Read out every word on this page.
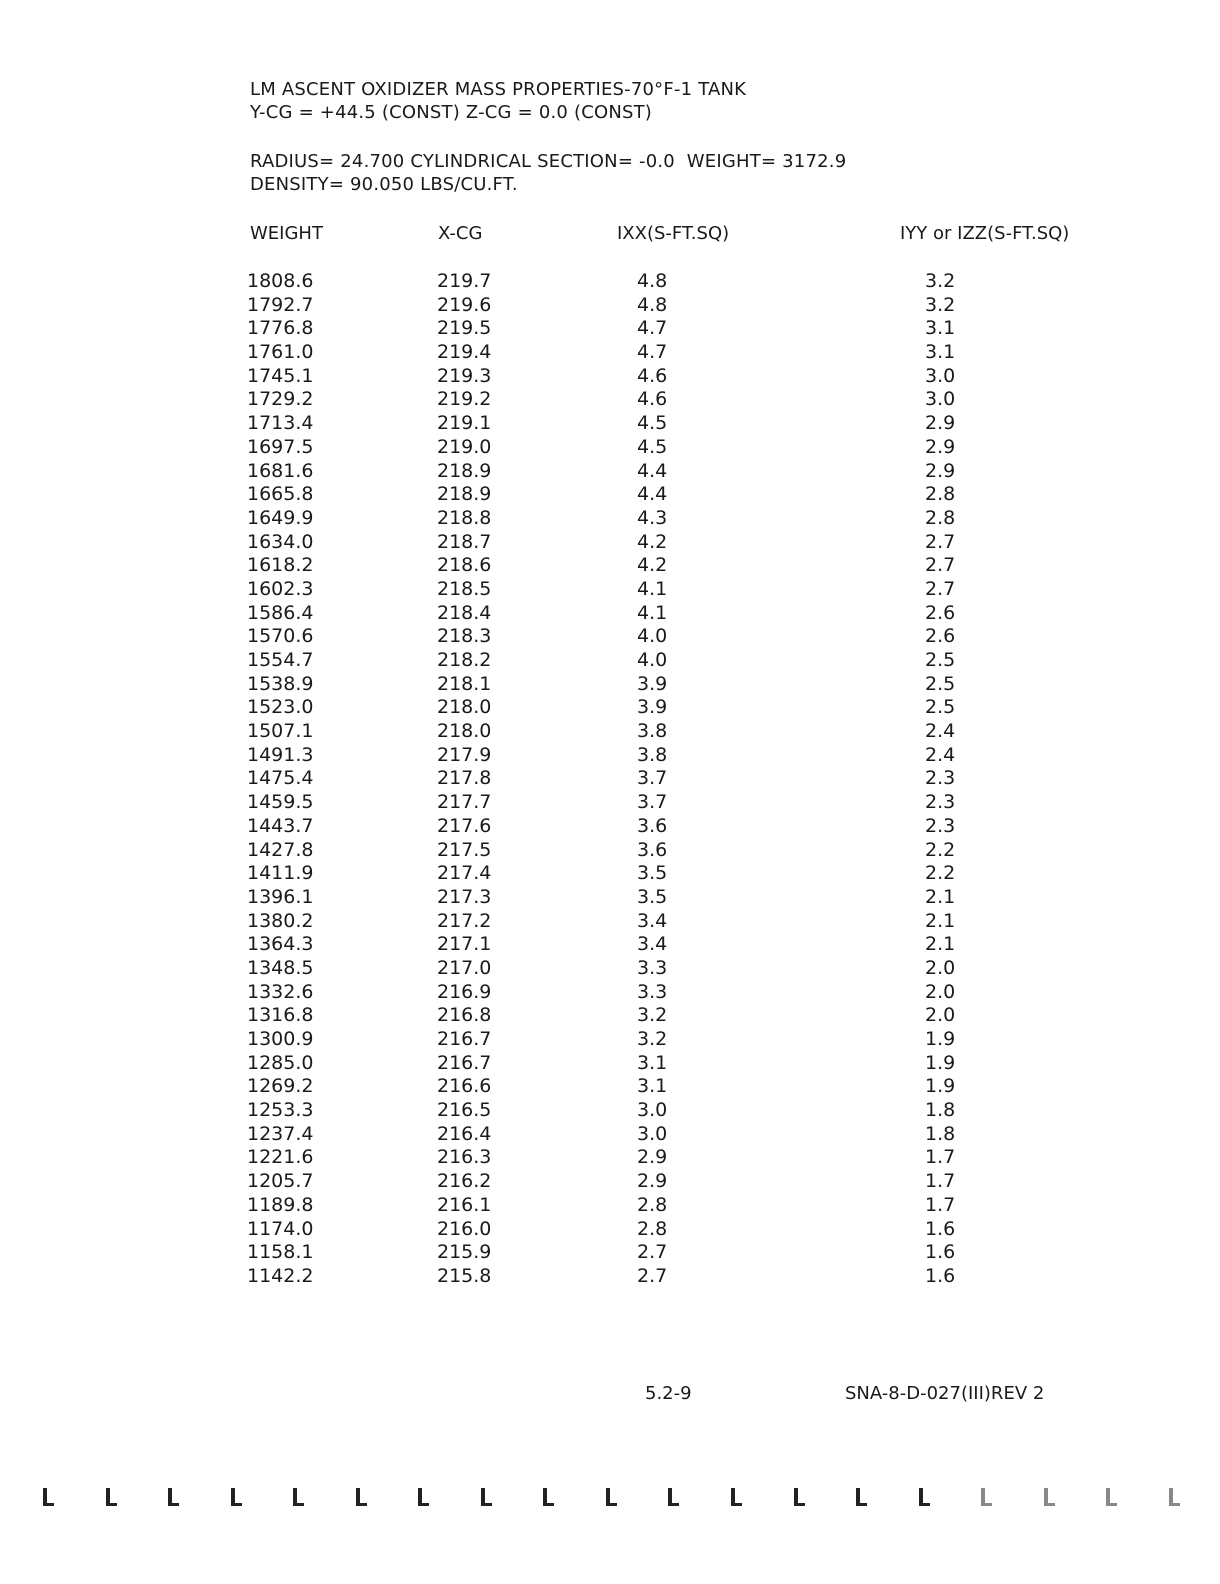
LM ASCENT OXIDIZER MASS PROPERTIES-70°F-1 TANK
Y-CG = +44.5 (CONST) Z-CG = 0.0 (CONST)
RADIUS= 24.700 CYLINDRICAL SECTION= -0.0  WEIGHT= 3172.9
DENSITY= 90.050 LBS/CU.FT.
WEIGHT	X-CG	IXX(S-FT.SQ)	IYY or IZZ(S-FT.SQ)
1808.6	219.7	4.8	3.2
1792.7	219.6	4.8	3.2
1776.8	219.5	4.7	3.1
1761.0	219.4	4.7	3.1
1745.1	219.3	4.6	3.0
1729.2	219.2	4.6	3.0
1713.4	219.1	4.5	2.9
1697.5	219.0	4.5	2.9
1681.6	218.9	4.4	2.9
1665.8	218.9	4.4	2.8
1649.9	218.8	4.3	2.8
1634.0	218.7	4.2	2.7
1618.2	218.6	4.2	2.7
1602.3	218.5	4.1	2.7
1586.4	218.4	4.1	2.6
1570.6	218.3	4.0	2.6
1554.7	218.2	4.0	2.5
1538.9	218.1	3.9	2.5
1523.0	218.0	3.9	2.5
1507.1	218.0	3.8	2.4
1491.3	217.9	3.8	2.4
1475.4	217.8	3.7	2.3
1459.5	217.7	3.7	2.3
1443.7	217.6	3.6	2.3
1427.8	217.5	3.6	2.2
1411.9	217.4	3.5	2.2
1396.1	217.3	3.5	2.1
1380.2	217.2	3.4	2.1
1364.3	217.1	3.4	2.1
1348.5	217.0	3.3	2.0
1332.6	216.9	3.3	2.0
1316.8	216.8	3.2	2.0
1300.9	216.7	3.2	1.9
1285.0	216.7	3.1	1.9
1269.2	216.6	3.1	1.9
1253.3	216.5	3.0	1.8
1237.4	216.4	3.0	1.8
1221.6	216.3	2.9	1.7
1205.7	216.2	2.9	1.7
1189.8	216.1	2.8	1.7
1174.0	216.0	2.8	1.6
1158.1	215.9	2.7	1.6
1142.2	215.8	2.7	1.6
5.2-9	SNA-8-D-027(III)REV 2
